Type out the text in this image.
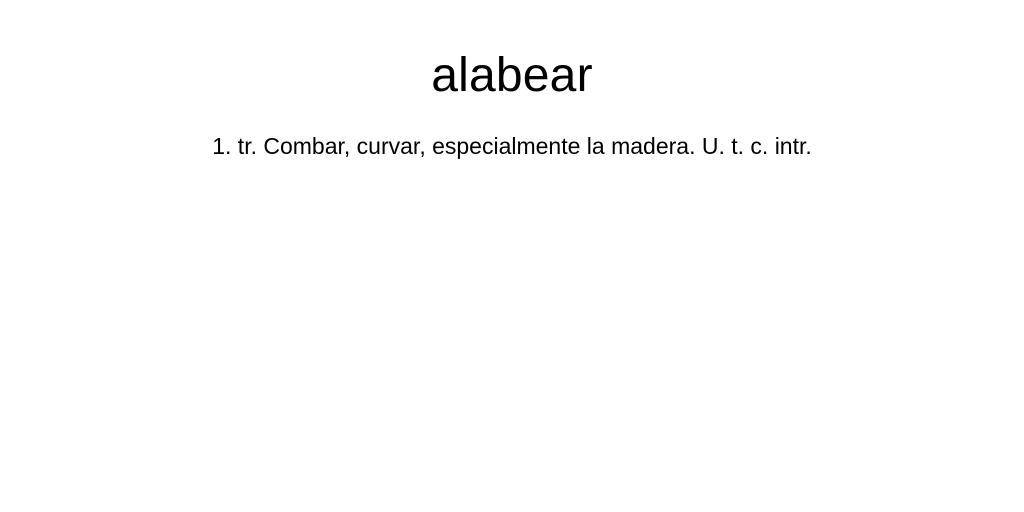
alabear

1. tr. Combar, curvar, especialmente la madera. U. t. c. intr.
